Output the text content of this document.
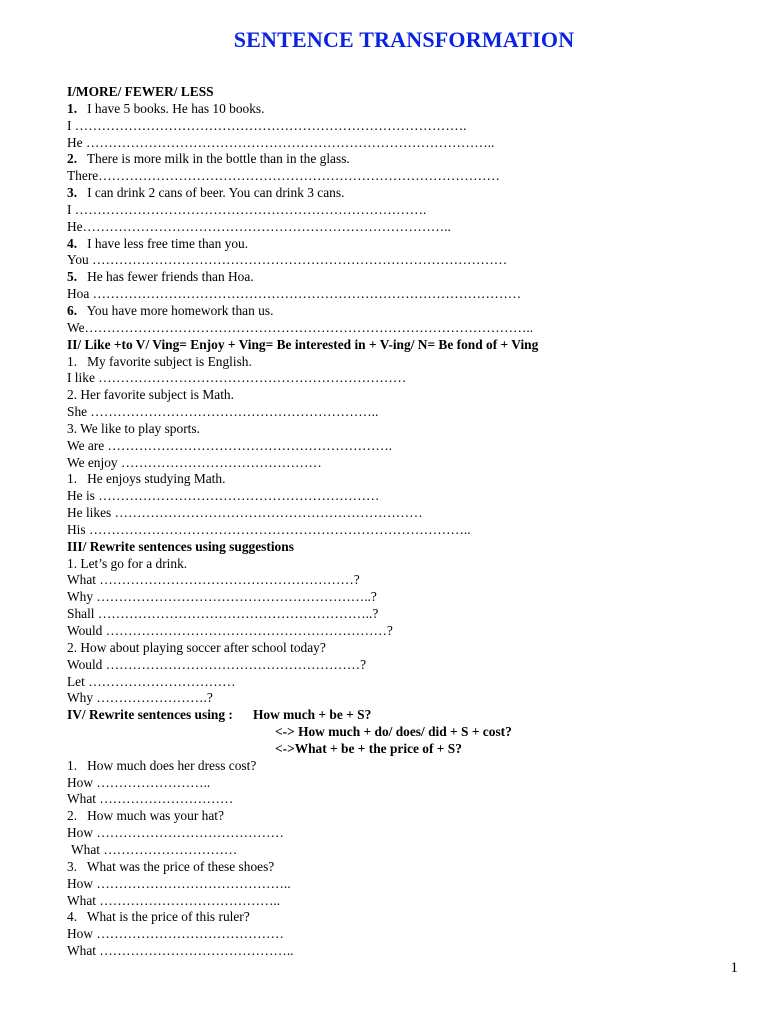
SENTENCE TRANSFORMATION
I/MORE/ FEWER/ LESS
1.   I have 5 books. He has 10 books.
I …………………………………………………………………………….
He ………………………………………………………………………………..
2.   There is more milk in the bottle than in the glass.
There………………………………………………………………………………
3.   I can drink 2 cans of beer. You can drink 3 cans.
I …………………………………………………………………….
He………………………………………………………………………..
4.   I have less free time than you.
You …………………………………………………………………………………
5.   He has fewer friends than Hoa.
Hoa ……………………………………………………………………………………
6.   You have more homework than us.
We………………………………………………………………………………………..
II/ Like +to V/ Ving= Enjoy + Ving= Be interested in + V-ing/ N= Be fond of + Ving
1.   My favorite subject is English.
I like ……………………………………………………………
2. Her favorite subject is Math.
She ………………………………………………………..
3. We like to play sports.
We are ……………………………………………………….
We enjoy ………………………………………
1.   He enjoys studying Math.
He is ………………………………………………………
He likes ……………………………………………………………
His …………………………………………………………………………..
III/ Rewrite sentences using suggestions
1. Let’s go for a drink.
What …………………………………………………?
Why ……………………………………………………..?
Shall ……………………………………………………..?
Would ………………………………………………………?
2. How about playing soccer after school today?
Would …………………………………………………?
Let ……………………………
Why …………………….?
IV/ Rewrite sentences using :      How much + be + S?
<-> How much + do/ does/ did + S + cost?
<->What + be + the price of + S?
1.   How much does her dress cost?
How ……………………..
What …………………………
2.   How much was your hat?
How ……………………………………
What …………………………
3.   What was the price of these shoes?
How ……………………………………..
What …………………………………..
4.   What is the price of this ruler?
How ……………………………………
What ……………………………………..
1
